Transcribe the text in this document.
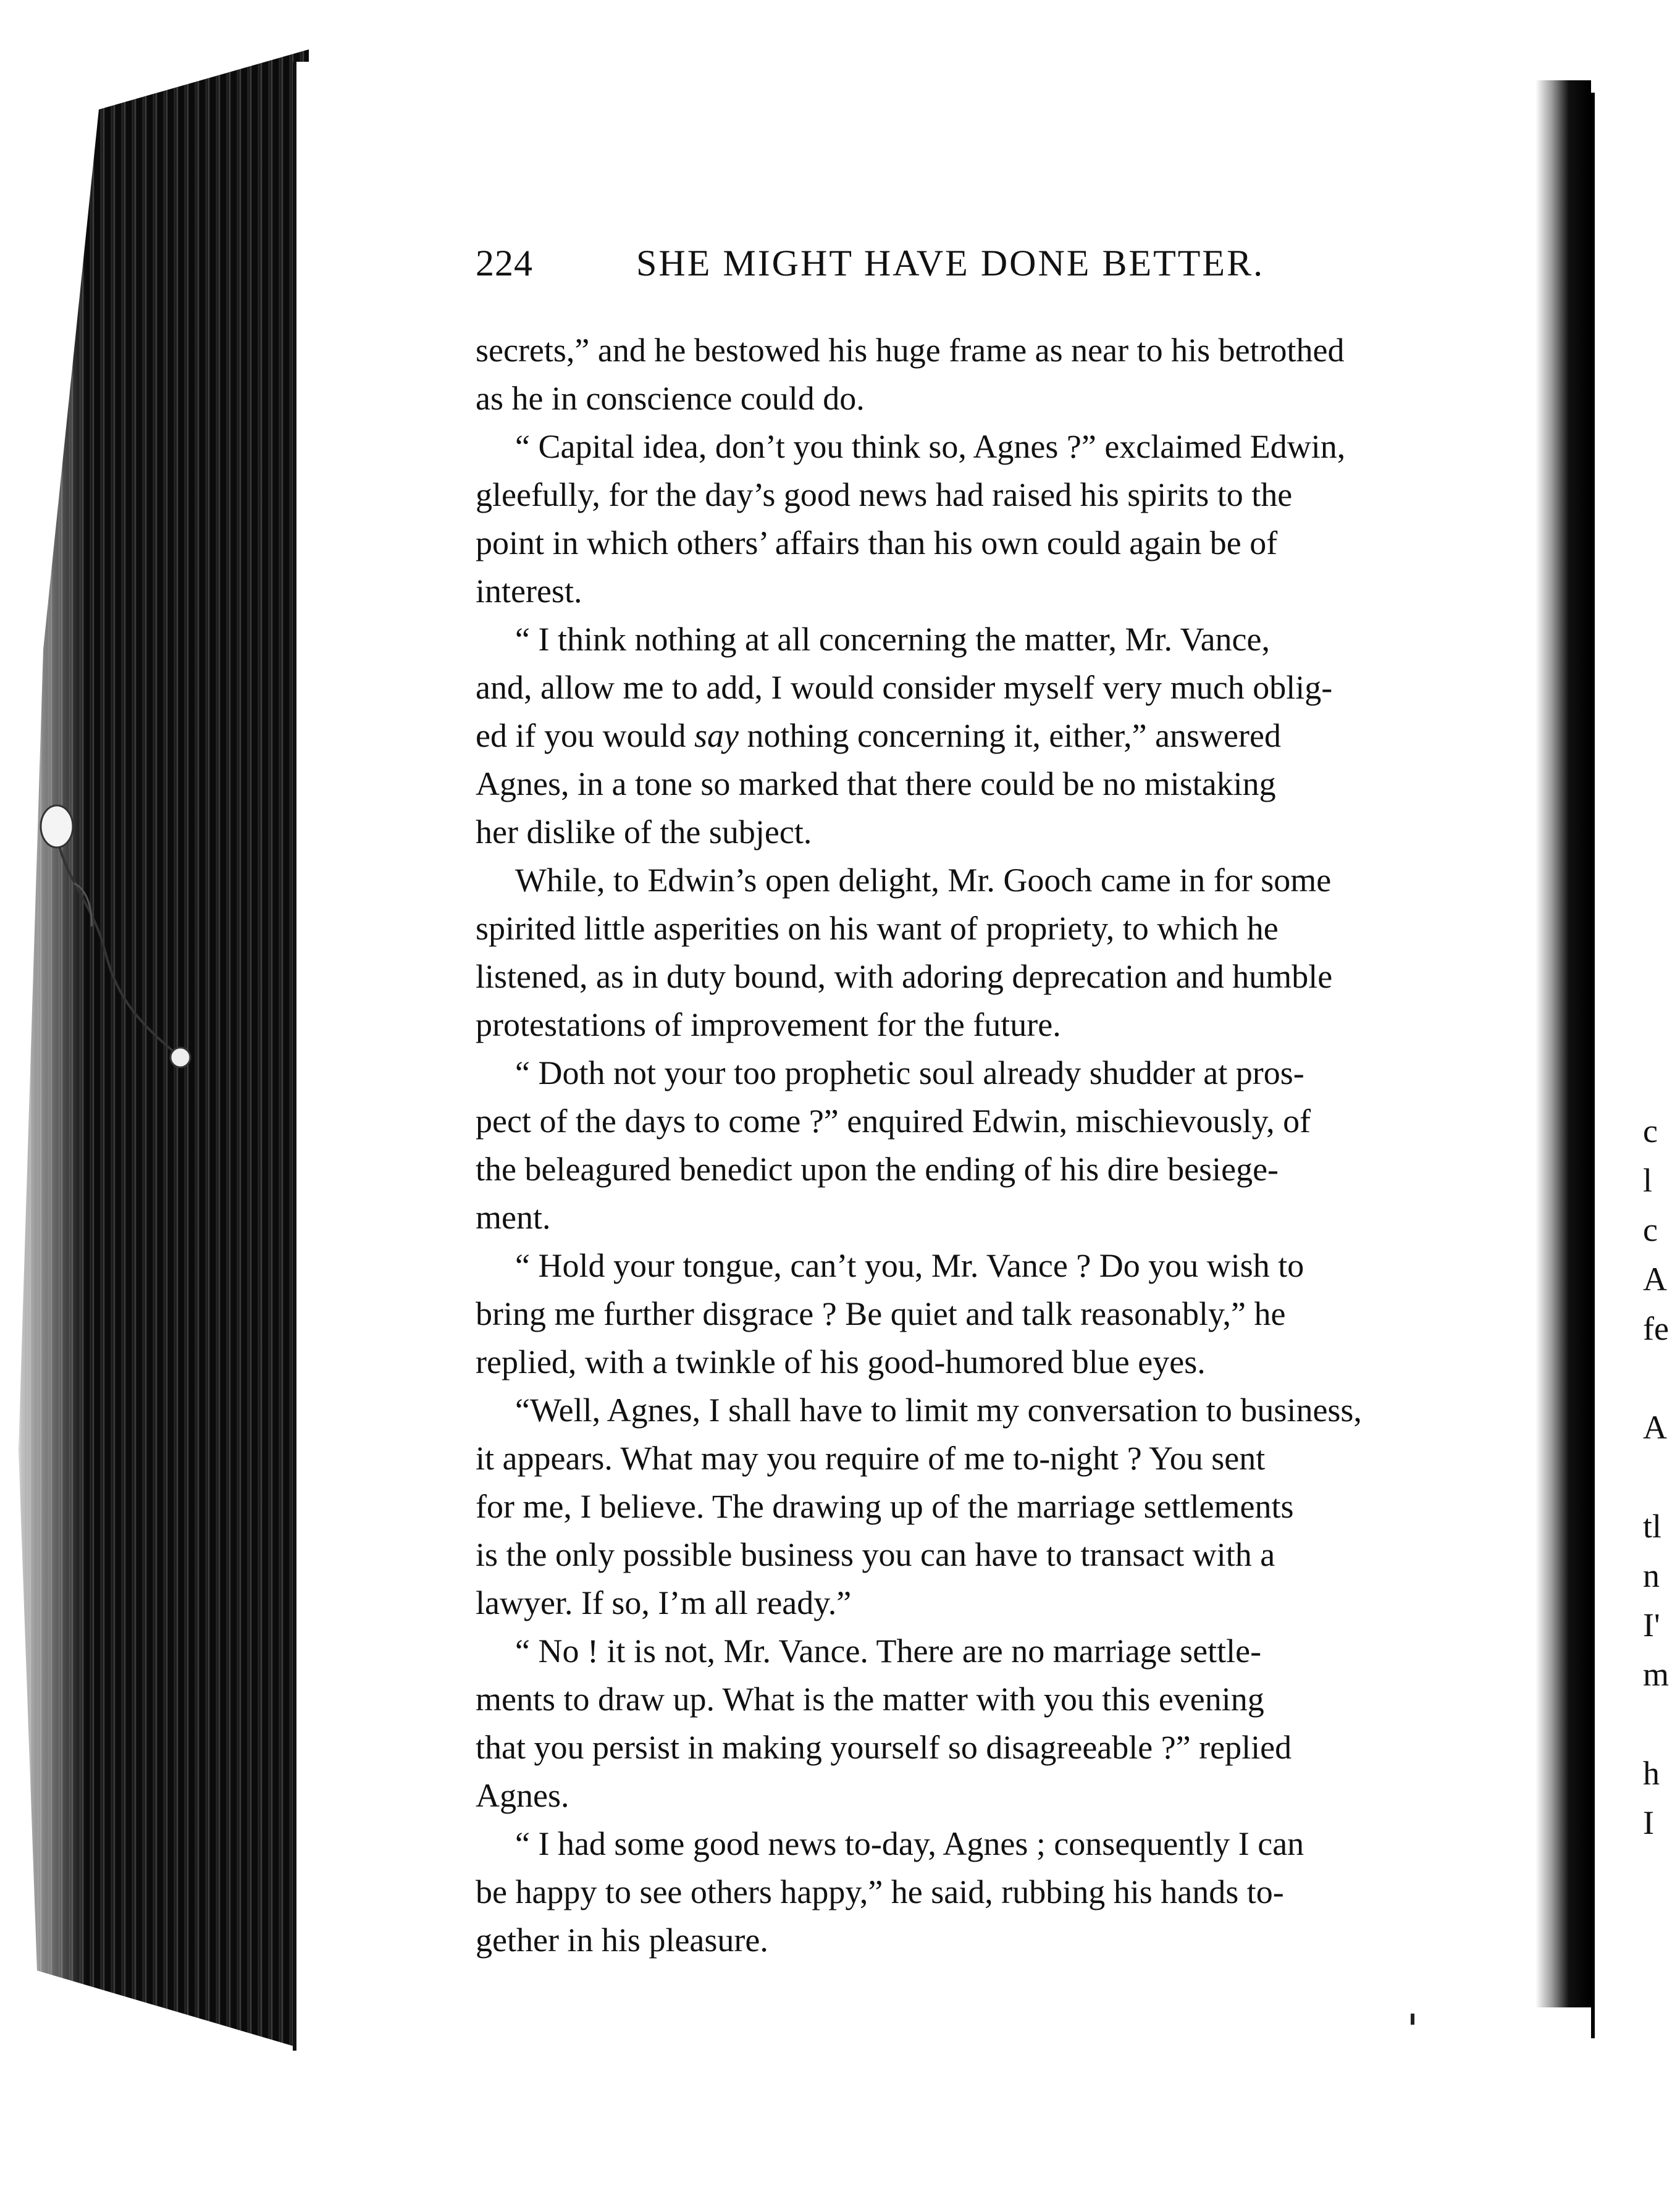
c
l
c
A
fe
A
tl
n
I'
m
h
I
224	SHE MIGHT HAVE DONE BETTER.

secrets,” and he bestowed his huge frame as near to his betrothed
as he in conscience could do.

“ Capital idea, don’t you think so, Agnes ?” exclaimed Edwin,
gleefully, for the day’s good news had raised his spirits to the
point in which others’ affairs than his own could again be of
interest.

“ I think nothing at all concerning the matter, Mr. Vance,
and, allow me to add, I would consider myself very much oblig-
ed if you would say nothing concerning it, either,” answered
Agnes, in a tone so marked that there could be no mistaking
her dislike of the subject.

While, to Edwin’s open delight, Mr. Gooch came in for some
spirited little asperities on his want of propriety, to which he
listened, as in duty bound, with adoring deprecation and humble
protestations of improvement for the future.

“ Doth not your too prophetic soul already shudder at pros-
pect of the days to come ?” enquired Edwin, mischievously, of
the beleagured benedict upon the ending of his dire besiege-
ment.

“ Hold your tongue, can’t you, Mr. Vance ? Do you wish to
bring me further disgrace ? Be quiet and talk reasonably,” he
replied, with a twinkle of his good-humored blue eyes.

“Well, Agnes, I shall have to limit my conversation to business,
it appears. What may you require of me to-night ? You sent
for me, I believe. The drawing up of the marriage settlements
is the only possible business you can have to transact with a
lawyer. If so, I’m all ready.”

“ No ! it is not, Mr. Vance. There are no marriage settle-
ments to draw up. What is the matter with you this evening
that you persist in making yourself so disagreeable ?” replied
Agnes.

“ I had some good news to-day, Agnes ; consequently I can
be happy to see others happy,” he said, rubbing his hands to-
gether in his pleasure.
